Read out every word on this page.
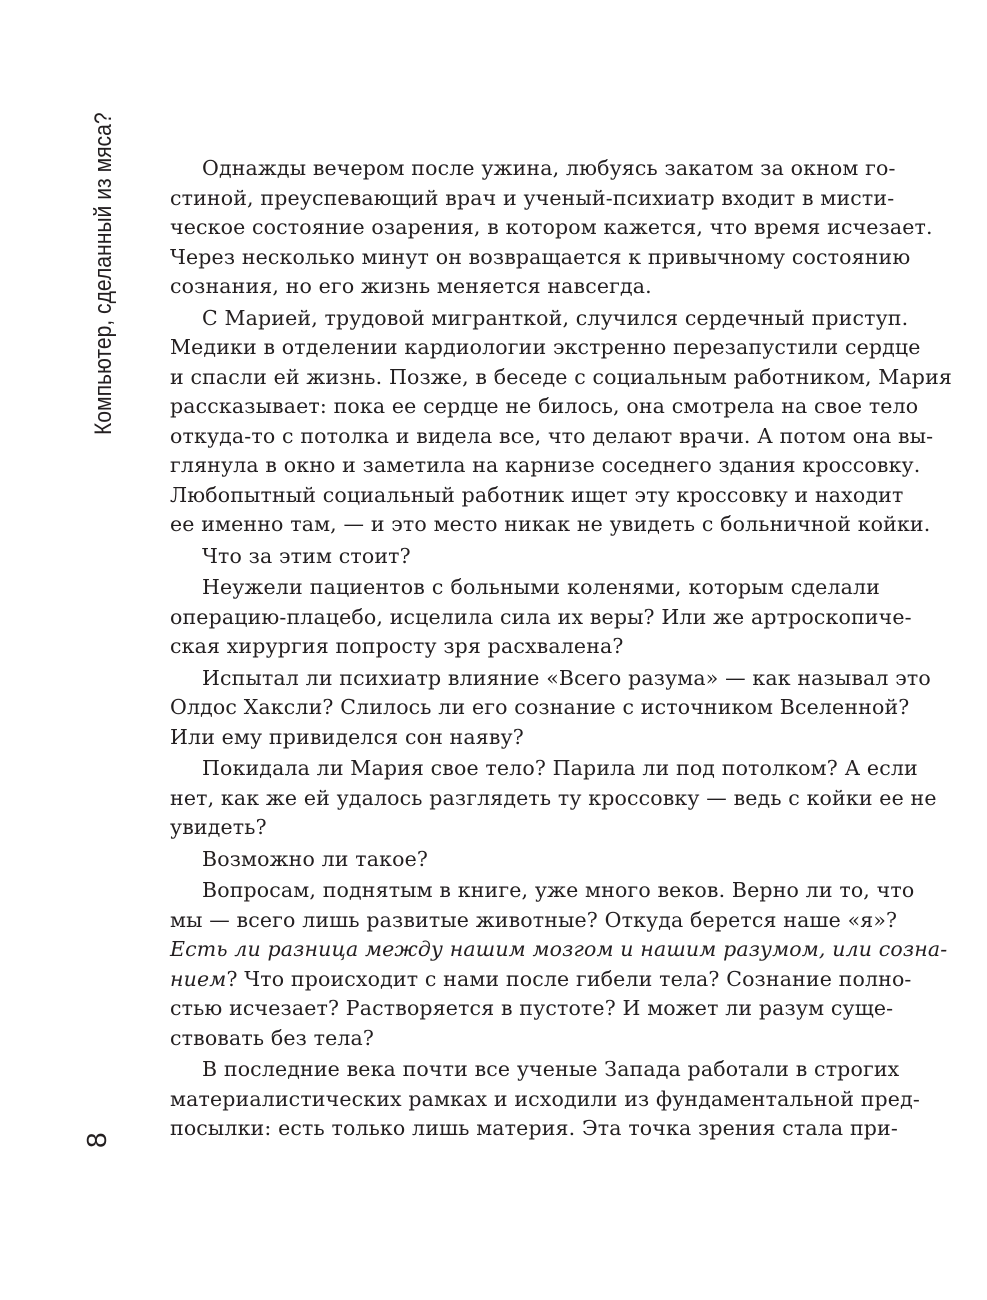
Компьютер, сделанный из мяса?
8
Однажды вечером после ужина, любуясь закатом за окном го-
стиной, преуспевающий врач и ученый-психиатр входит в мисти-
ческое состояние озарения, в котором кажется, что время исчезает.
Через несколько минут он возвращается к привычному состоянию
сознания, но его жизнь меняется навсегда.
С Марией, трудовой мигранткой, случился сердечный приступ.
Медики в отделении кардиологии экстренно перезапустили сердце
и спасли ей жизнь. Позже, в беседе с социальным работником, Мария
рассказывает: пока ее сердце не билось, она смотрела на свое тело
откуда-то с потолка и видела все, что делают врачи. А потом она вы-
глянула в окно и заметила на карнизе соседнего здания кроссовку.
Любопытный социальный работник ищет эту кроссовку и находит
ее именно там, — и это место никак не увидеть с больничной койки.
Что за этим стоит?
Неужели пациентов с больными коленями, которым сделали
операцию-плацебо, исцелила сила их веры? Или же артроскопиче-
ская хирургия попросту зря расхвалена?
Испытал ли психиатр влияние «Всего разума» — как называл это
Олдос Хаксли? Слилось ли его сознание с источником Вселенной?
Или ему привиделся сон наяву?
Покидала ли Мария свое тело? Парила ли под потолком? А если
нет, как же ей удалось разглядеть ту кроссовку — ведь с койки ее не
увидеть?
Возможно ли такое?
Вопросам, поднятым в книге, уже много веков. Верно ли то, что
мы — всего лишь развитые животные? Откуда берется наше «я»?
Есть ли разница между нашим мозгом и нашим разумом, или созна-
нием? Что происходит с нами после гибели тела? Сознание полно-
стью исчезает? Растворяется в пустоте? И может ли разум суще-
ствовать без тела?
В последние века почти все ученые Запада работали в строгих
материалистических рамках и исходили из фундаментальной пред-
посылки: есть только лишь материя. Эта точка зрения стала при-
